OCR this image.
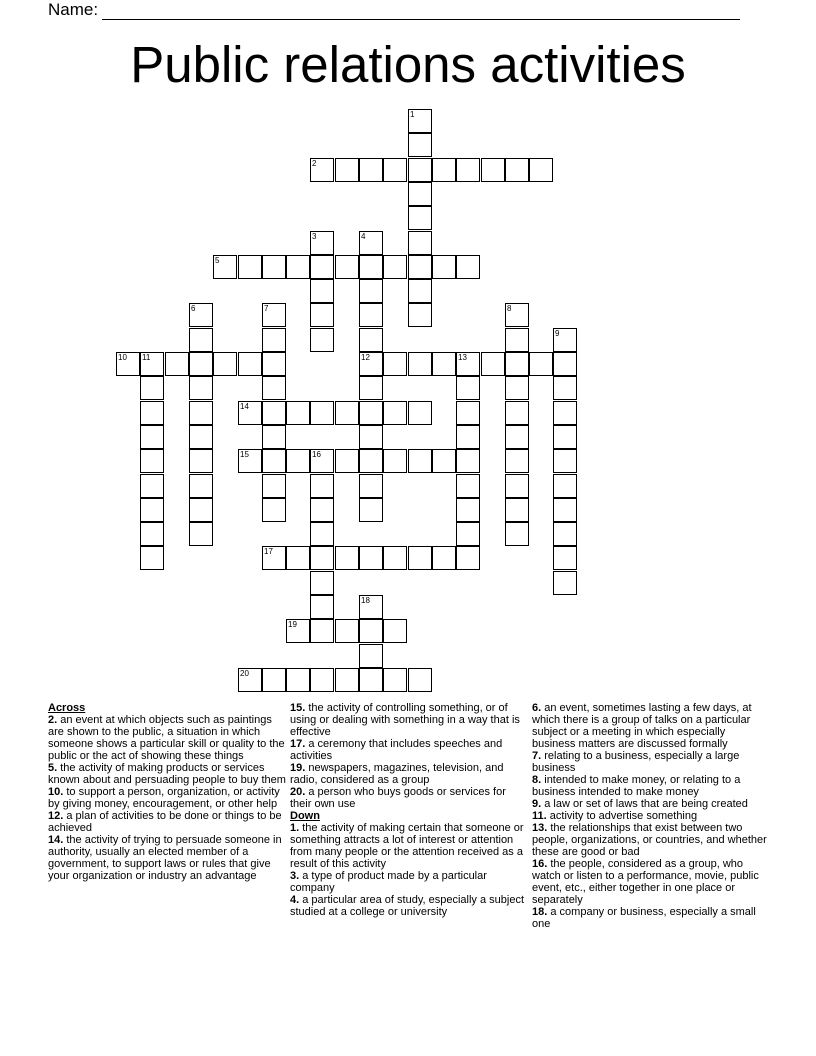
Name:
Public relations activities
1
2
3	4
12
5
6	7	8
9
10 11	13
14
15	16
17
18
19
20
Across
2. an event at which objects such as paintings are shown to the public, a situation in which someone shows a particular skill or quality to the public or the act of showing these things
5. the activity of making products or services known about and persuading people to buy them
10. to support a person, organization, or activity by giving money, encouragement, or other help
12. a plan of activities to be done or things to be achieved
14. the activity of trying to persuade someone in authority, usually an elected member of a government, to support laws or rules that give your organization or industry an advantage
15. the activity of controlling something, or of using or dealing with something in a way that is effective
17. a ceremony that includes speeches and activities
19. newspapers, magazines, television, and radio, considered as a group
20. a person who buys goods or services for their own use
Down
1. the activity of making certain that someone or something attracts a lot of interest or attention from many people or the attention received as a result of this activity
3. a type of product made by a particular company
4. a particular area of study, especially a subject studied at a college or university
6. an event, sometimes lasting a few days, at which there is a group of talks on a particular subject or a meeting in which especially business matters are discussed formally
7. relating to a business, especially a large business
8. intended to make money, or relating to a business intended to make money
9. a law or set of laws that are being created
11. activity to advertise something
13. the relationships that exist between two people, organizations, or countries, and whether these are good or bad
16. the people, considered as a group, who watch or listen to a performance, movie, public event, etc., either together in one place or separately
18. a company or business, especially a small one
